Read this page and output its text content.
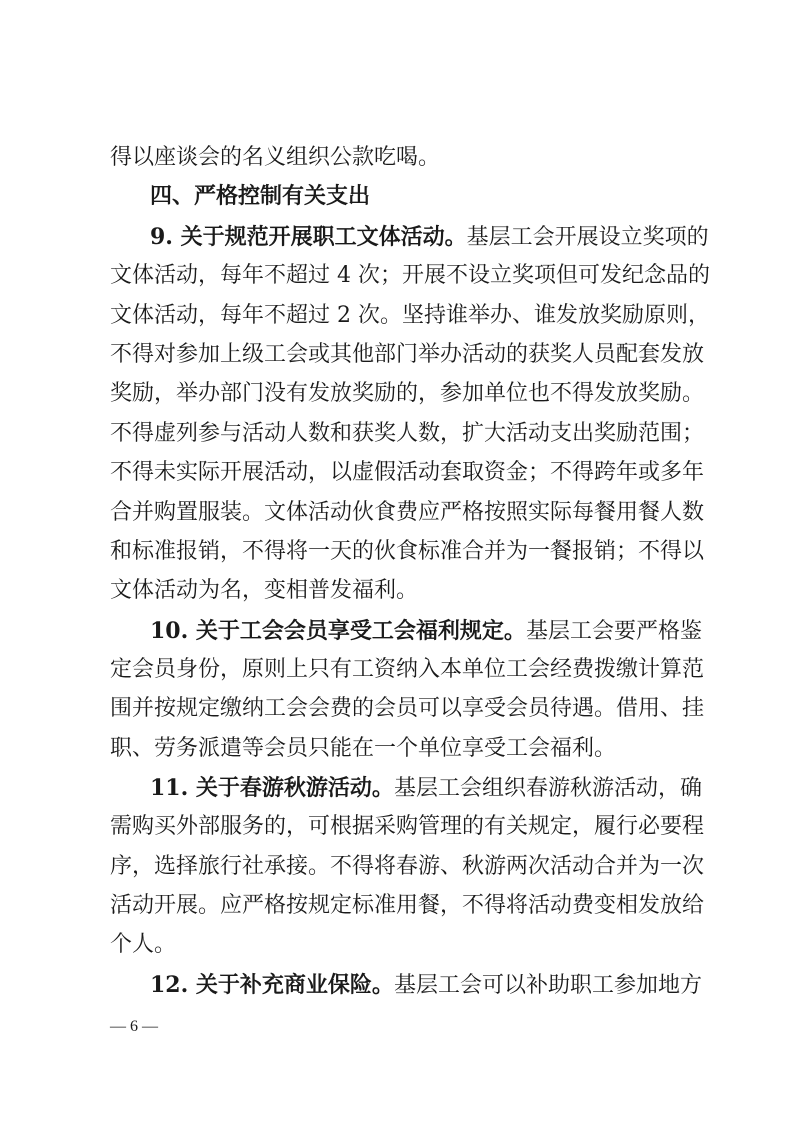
得以座谈会的名义组织公款吃喝。
四、严格控制有关支出
9. 关于规范开展职工文体活动。基层工会开展设立奖项的
文体活动，每年不超过 4 次；开展不设立奖项但可发纪念品的
文体活动，每年不超过 2 次。坚持谁举办、谁发放奖励原则，
不得对参加上级工会或其他部门举办活动的获奖人员配套发放
奖励，举办部门没有发放奖励的，参加单位也不得发放奖励。
不得虚列参与活动人数和获奖人数，扩大活动支出奖励范围；
不得未实际开展活动，以虚假活动套取资金；不得跨年或多年
合并购置服装。文体活动伙食费应严格按照实际每餐用餐人数
和标准报销，不得将一天的伙食标准合并为一餐报销；不得以
文体活动为名，变相普发福利。
10. 关于工会会员享受工会福利规定。基层工会要严格鉴
定会员身份，原则上只有工资纳入本单位工会经费拨缴计算范
围并按规定缴纳工会会费的会员可以享受会员待遇。借用、挂
职、劳务派遣等会员只能在一个单位享受工会福利。
11. 关于春游秋游活动。基层工会组织春游秋游活动，确
需购买外部服务的，可根据采购管理的有关规定，履行必要程
序，选择旅行社承接。不得将春游、秋游两次活动合并为一次
活动开展。应严格按规定标准用餐，不得将活动费变相发放给
个人。
12. 关于补充商业保险。基层工会可以补助职工参加地方
— 6 —
